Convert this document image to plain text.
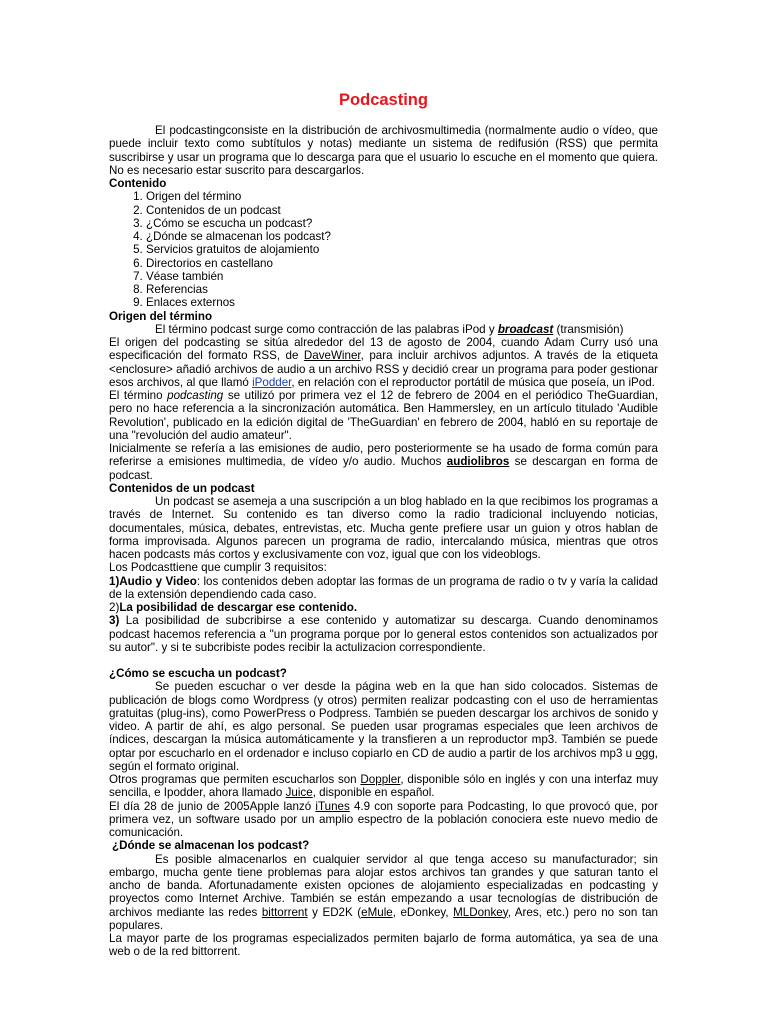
Podcasting

El podcastingconsiste en la distribución de archivosmultimedia (normalmente audio o vídeo, que puede incluir texto como subtítulos y notas) mediante un sistema de redifusión (RSS) que permita suscribirse y usar un programa que lo descarga para que el usuario lo escuche en el momento que quiera. No es necesario estar suscrito para descargarlos.

Contenido
1. Origen del término
2. Contenidos de un podcast
3. ¿Cómo se escucha un podcast?
4. ¿Dónde se almacenan los podcast?
5. Servicios gratuitos de alojamiento
6. Directorios en castellano
7. Véase también
8. Referencias
9. Enlaces externos
Origen del término

El término podcast surge como contracción de las palabras iPod y broadcast (transmisión)

El origen del podcasting se sitúa alrededor del 13 de agosto de 2004, cuando Adam Curry usó una especificación del formato RSS, de DaveWiner, para incluir archivos adjuntos. A través de la etiqueta <enclosure> añadió archivos de audio a un archivo RSS y decidió crear un programa para poder gestionar esos archivos, al que llamó iPodder, en relación con el reproductor portátil de música que poseía, un iPod.

El término podcasting se utilizó por primera vez el 12 de febrero de 2004 en el periódico TheGuardian, pero no hace referencia a la sincronización automática. Ben Hammersley, en un artículo titulado 'Audible Revolution', publicado en la edición digital de 'TheGuardian' en febrero de 2004, habló en su reportaje de una "revolución del audio amateur".

Inicialmente se refería a las emisiones de audio, pero posteriormente se ha usado de forma común para referirse a emisiones multimedia, de vídeo y/o audio. Muchos audiolibros se descargan en forma de podcast.

Contenidos de un podcast

Un podcast se asemeja a una suscripción a un blog hablado en la que recibimos los programas a través de Internet. Su contenido es tan diverso como la radio tradicional incluyendo noticias, documentales, música, debates, entrevistas, etc. Mucha gente prefiere usar un guion y otros hablan de forma improvisada. Algunos parecen un programa de radio, intercalando música, mientras que otros hacen podcasts más cortos y exclusivamente con voz, igual que con los videoblogs.

Los Podcasttiene que cumplir 3 requisitos:

1)Audio y Video: los contenidos deben adoptar las formas de un programa de radio o tv y varía la calidad de la extensión dependiendo cada caso.

2)La posibilidad de descargar ese contenido.

3) La posibilidad de subcribirse a ese contenido y automatizar su descarga. Cuando denominamos podcast hacemos referencia a "un programa porque por lo general estos contenidos son actualizados por su autor". y si te subcribiste podes recibir la actulizacion correspondiente.

¿Cómo se escucha un podcast?

Se pueden escuchar o ver desde la página web en la que han sido colocados. Sistemas de publicación de blogs como Wordpress (y otros) permiten realizar podcasting con el uso de herramientas gratuitas (plug-ins), como PowerPress o Podpress. También se pueden descargar los archivos de sonido y video. A partir de ahí, es algo personal. Se pueden usar programas especiales que leen archivos de índices, descargan la música automáticamente y la transfieren a un reproductor mp3. También se puede optar por escucharlo en el ordenador e incluso copiarlo en CD de audio a partir de los archivos mp3 u ogg, según el formato original.

Otros programas que permiten escucharlos son Doppler, disponible sólo en inglés y con una interfaz muy sencilla, e Ipodder, ahora llamado Juice, disponible en español.

El día 28 de junio de 2005Apple lanzó iTunes 4.9 con soporte para Podcasting, lo que provocó que, por primera vez, un software usado por un amplio espectro de la población conociera este nuevo medio de comunicación.

¿Dónde se almacenan los podcast?

Es posible almacenarlos en cualquier servidor al que tenga acceso su manufacturador; sin embargo, mucha gente tiene problemas para alojar estos archivos tan grandes y que saturan tanto el ancho de banda. Afortunadamente existen opciones de alojamiento especializadas en podcasting y proyectos como Internet Archive. También se están empezando a usar tecnologías de distribución de archivos mediante las redes bittorrent y ED2K (eMule, eDonkey, MLDonkey, Ares, etc.) pero no son tan populares.

La mayor parte de los programas especializados permiten bajarlo de forma automática, ya sea de una web o de la red bittorrent.
